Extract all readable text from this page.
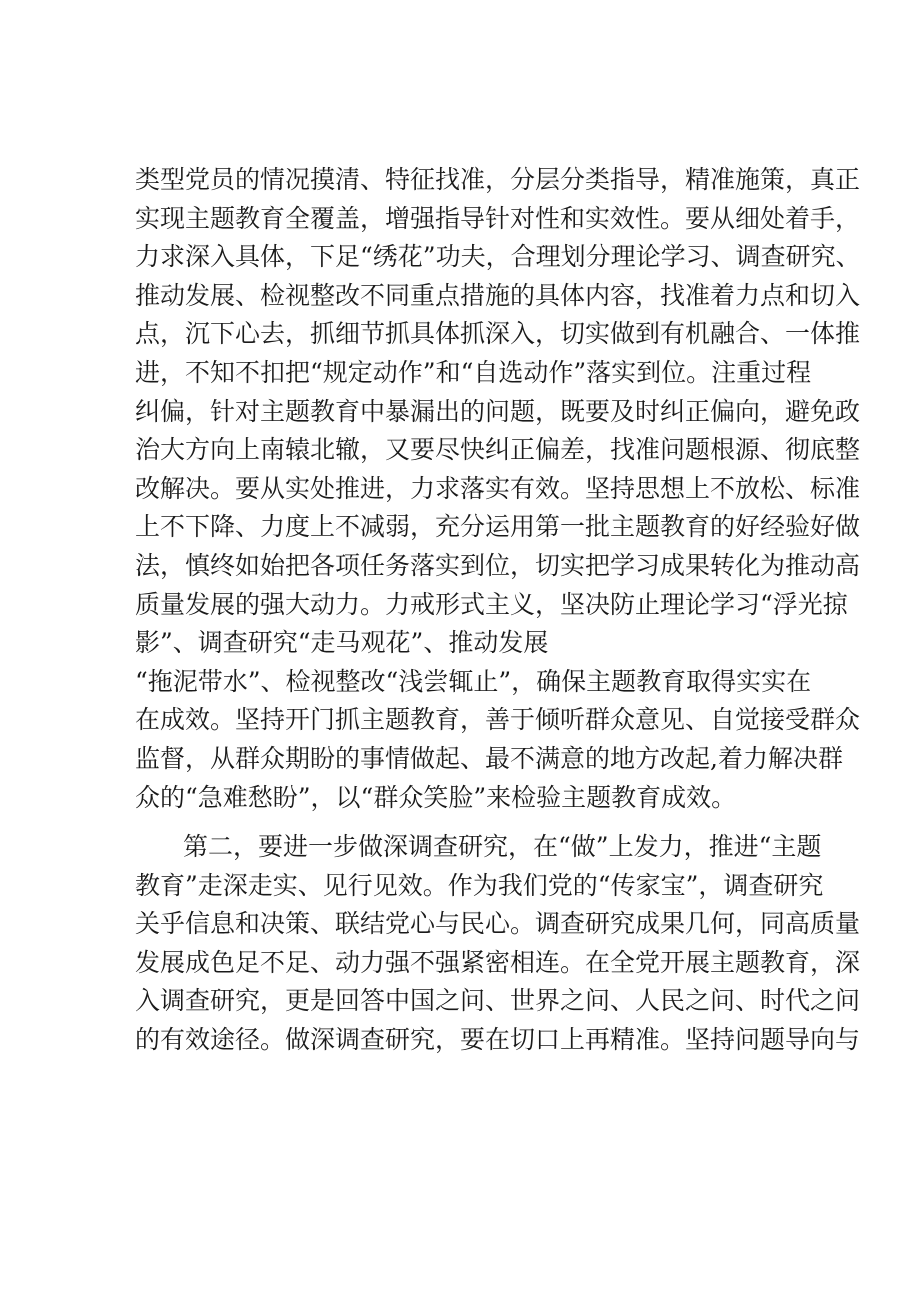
类型党员的情况摸清、特征找准，分层分类指导，精准施策，真正
实现主题教育全覆盖，增强指导针对性和实效性。要从细处着手，
力求深入具体，下足“绣花”功夫，合理划分理论学习、调查研究、
推动发展、检视整改不同重点措施的具体内容，找准着力点和切入
点，沉下心去，抓细节抓具体抓深入，切实做到有机融合、一体推
进，不知不扣把“规定动作”和“自选动作”落实到位。注重过程
纠偏，针对主题教育中暴漏出的问题，既要及时纠正偏向，避免政
治大方向上南辕北辙，又要尽快纠正偏差，找准问题根源、彻底整
改解决。要从实处推进，力求落实有效。坚持思想上不放松、标准
上不下降、力度上不减弱，充分运用第一批主题教育的好经验好做
法，慎终如始把各项任务落实到位，切实把学习成果转化为推动高
质量发展的强大动力。力戒形式主义，坚决防止理论学习“浮光掠
影”、调查研究“走马观花”、推动发展
“拖泥带水”、检视整改“浅尝辄止”，确保主题教育取得实实在
在成效。坚持开门抓主题教育，善于倾听群众意见、自觉接受群众
监督，从群众期盼的事情做起、最不满意的地方改起,着力解决群
众的“急难愁盼”，以“群众笑脸”来检验主题教育成效。
第二，要进一步做深调查研究，在“做”上发力，推进“主题
教育”走深走实、见行见效。作为我们党的“传家宝”，调查研究
关乎信息和决策、联结党心与民心。调查研究成果几何，同高质量
发展成色足不足、动力强不强紧密相连。在全党开展主题教育，深
入调查研究，更是回答中国之问、世界之问、人民之问、时代之问
的有效途径。做深调查研究，要在切口上再精准。坚持问题导向与
